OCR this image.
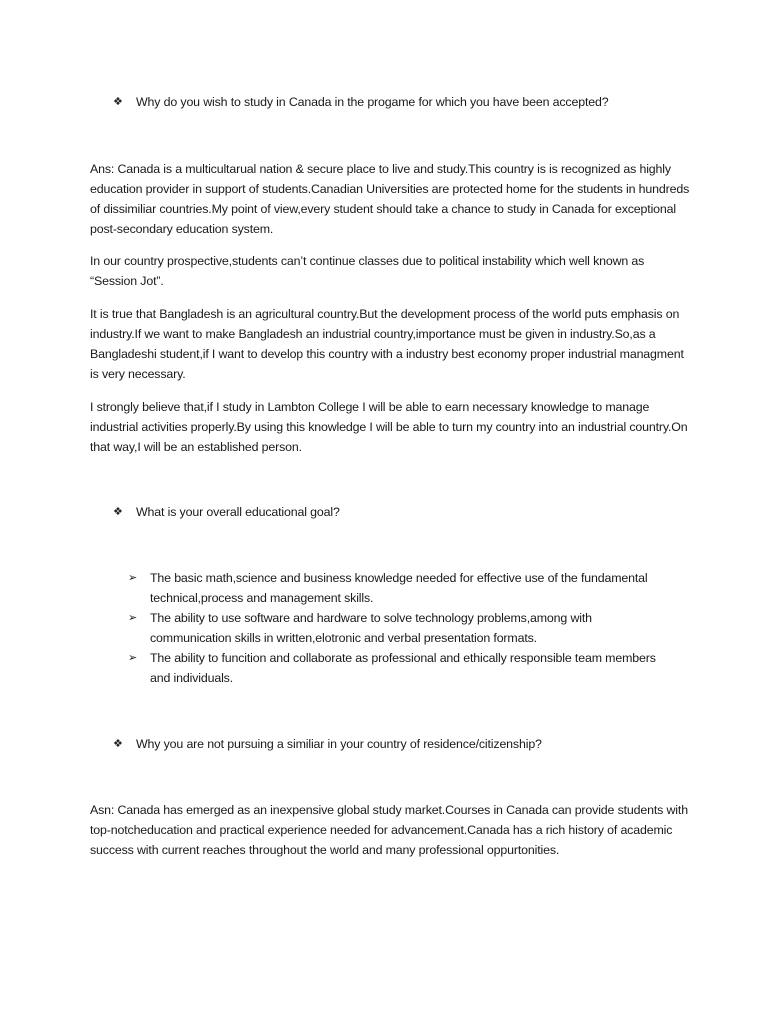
❖ Why do you wish to study in Canada in the progame for which you have been accepted?

Ans: Canada is a multicultarual nation & secure place to live and study.This country is is recognized as highly education provider in support of students.Canadian Universities are protected home for the students in hundreds of dissimiliar countries.My point of view,every student should take a chance to study in Canada for exceptional post-secondary education system.

In our country prospective,students can’t continue classes due to political instability which well known as “Session Jot”.

It is true that Bangladesh is an agricultural country.But the development process of the world puts emphasis on industry.If we want to make Bangladesh an industrial country,importance must be given in industry.So,as a Bangladeshi student,if I want to develop this country with a industry best economy proper industrial managment is very necessary.

I strongly believe that,if I study in Lambton College I will be able to earn necessary knowledge to manage industrial activities properly.By using this knowledge I will be able to turn my country into an industrial country.On that way,I will be an established person.

❖ What is your overall educational goal?
➢ The basic math,science and business knowledge needed for effective use of the fundamental technical,process and management skills.
➢ The ability to use software and hardware to solve technology problems,among with communication skills in written,elotronic and verbal presentation formats.
➢ The ability to funcition and collaborate as professional and ethically responsible team members and individuals.
❖ Why you are not pursuing a similiar in your country of residence/citizenship?

Asn: Canada has emerged as an inexpensive global study market.Courses in Canada can provide students with top-notcheducation and practical experience needed for advancement.Canada has a rich history of academic success with current reaches throughout the world and many professional oppurtonities.
